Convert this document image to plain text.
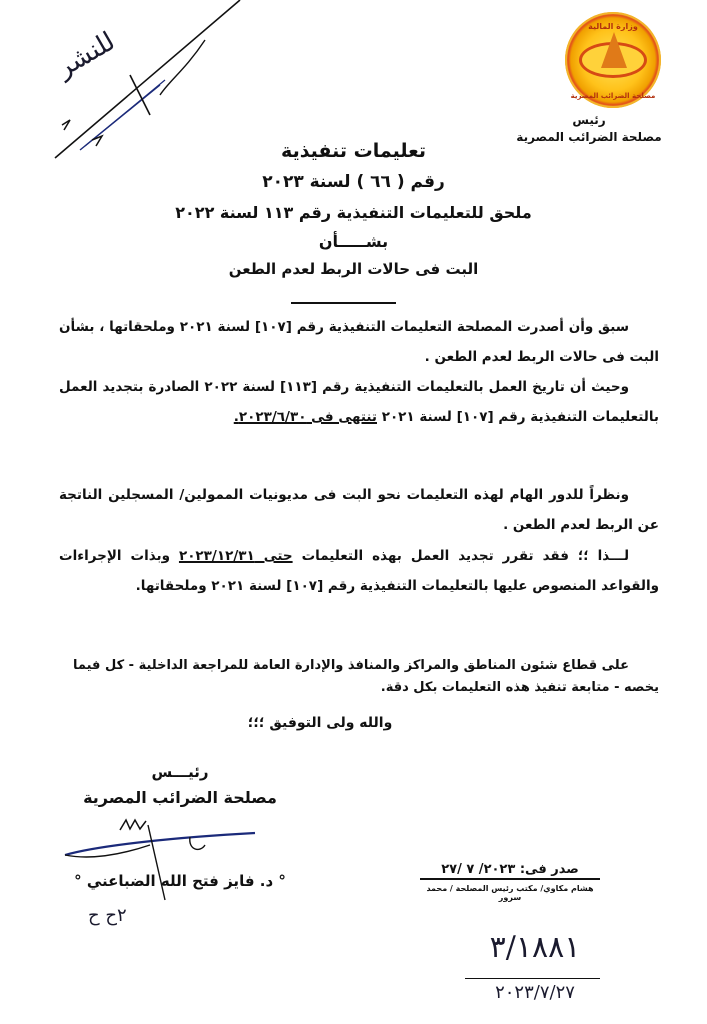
للنشر
وزارة المالية
مصلحة الضرائب المصرية
رئيس
مصلحة الضرائب المصرية
تعليمات تنفيذية
رقم ( ٦٦ ) لسنة ٢٠٢٣
ملحق للتعليمات التنفيذية رقم ١١٣ لسنة ٢٠٢٢
بشـــــأن
البت فى حالات الربط لعدم الطعن
سبق وأن أصدرت المصلحة التعليمات التنفيذية رقم [١٠٧] لسنة ٢٠٢١ وملحقاتها ، بشأن البت فى حالات الربط لعدم الطعن .
وحيث أن تاريخ العمل بالتعليمات التنفيذية رقم [١١٣] لسنة ٢٠٢٢ الصادرة بتجديد العمل بالتعليمات التنفيذية رقم [١٠٧] لسنة ٢٠٢١ تنتهى فى ٢٠٢٣/٦/٣٠.
ونظراً للدور الهام لهذه التعليمات نحو البت فى مديونيات الممولين/ المسجلين الناتجة عن الربط لعدم الطعن .
لـــذا ؛؛ فقد تقرر تجديد العمل بهذه التعليمات حتى ٢٠٢٣/١٢/٣١ وبذات الإجراءات والقواعد المنصوص عليها بالتعليمات التنفيذية رقم [١٠٧] لسنة ٢٠٢١ وملحقاتها.
على قطاع شئون المناطق والمراكز والمنافذ والإدارة العامة للمراجعة الداخلية - كل فيما يخصه - متابعة تنفيذ هذه التعليمات بكل دقة.
والله ولى التوفيق ؛؛؛
رئيـــس
مصلحة الضرائب المصرية
° د. فايز فتح الله الضباعني °
٢ح ح
صدر فى: ٢٠٢٣/ ٧ /٢٧
هشام مكاوي/ مكتب رئيس المصلحة / محمد سرور
٣/١٨٨١
٢٠٢٣/٧/٢٧
